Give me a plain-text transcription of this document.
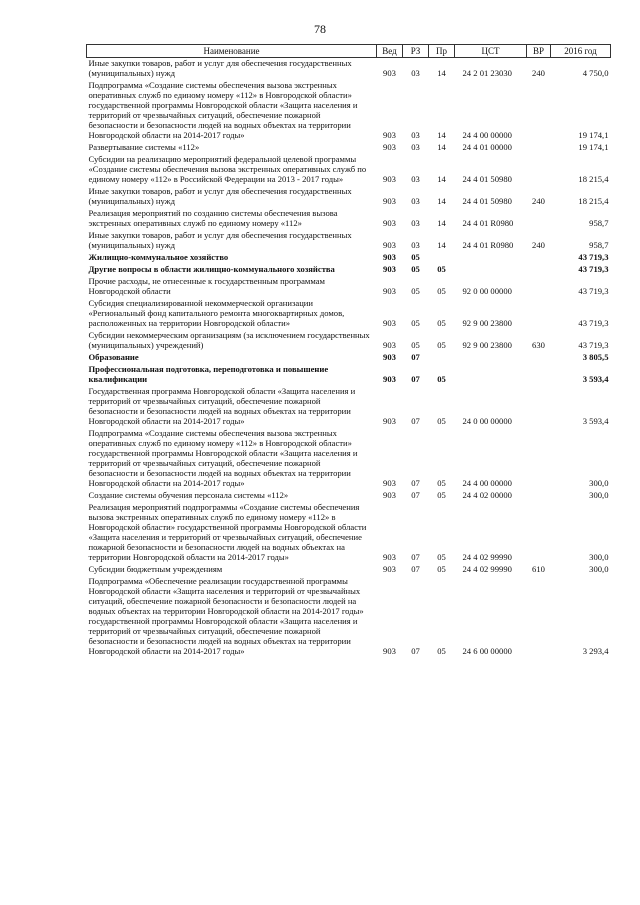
78
Наименование	Вед	РЗ	Пр	ЦСТ	ВР	2016 год
Иные закупки товаров, работ и услуг для обеспечения государственных (муниципальных) нужд	903	03	14	24 2 01 23030	240	4 750,0
Подпрограмма «Создание системы обеспечения вызова экстренных оперативных служб по единому номеру «112» в Новгородской области» государственной программы Новгородской области «Защита населения и территорий от чрезвычайных ситуаций, обеспечение пожарной безопасности и безопасности людей на водных объектах на территории Новгородской области на 2014-2017 годы»	903	03	14	24 4 00 00000		19 174,1
Развертывание системы «112»	903	03	14	24 4 01 00000		19 174,1
Субсидии на реализацию мероприятий федеральной целевой программы «Создание системы обеспечения вызова экстренных оперативных служб по единому номеру «112» в Российской Федерации на 2013 - 2017 годы»	903	03	14	24 4 01 50980		18 215,4
Иные закупки товаров, работ и услуг для обеспечения государственных (муниципальных) нужд	903	03	14	24 4 01 50980	240	18 215,4
Реализация мероприятий по созданию системы обеспечения вызова экстренных оперативных служб по единому номеру «112»	903	03	14	24 4 01 R0980		958,7
Иные закупки товаров, работ и услуг для обеспечения государственных (муниципальных) нужд	903	03	14	24 4 01 R0980	240	958,7
Жилищно-коммунальное хозяйство	903	05				43 719,3
Другие вопросы в области жилищно-коммунального хозяйства	903	05	05			43 719,3
Прочие расходы, не отнесенные к государственным программам Новгородской области	903	05	05	92 0 00 00000		43 719,3
Субсидия специализированной некоммерческой организации «Региональный фонд капитального ремонта многоквартирных домов, расположенных на территории Новгородской области»	903	05	05	92 9 00 23800		43 719,3
Субсидии некоммерческим организациям (за исключением государственных (муниципальных) учреждений)	903	05	05	92 9 00 23800	630	43 719,3
Образование	903	07				3 805,5
Профессиональная подготовка, переподготовка и повышение квалификации	903	07	05			3 593,4
Государственная программа Новгородской области «Защита населения и территорий от чрезвычайных ситуаций, обеспечение пожарной безопасности и безопасности людей на водных объектах на территории Новгородской области на 2014-2017 годы»	903	07	05	24 0 00 00000		3 593,4
Подпрограмма «Создание системы обеспечения вызова экстренных оперативных служб по единому номеру «112» в Новгородской области» государственной программы Новгородской области «Защита населения и территорий от чрезвычайных ситуаций, обеспечение пожарной безопасности и безопасности людей на водных объектах на территории Новгородской области на 2014-2017 годы»	903	07	05	24 4 00 00000		300,0
Создание системы обучения персонала системы «112»	903	07	05	24 4 02 00000		300,0
Реализация мероприятий подпрограммы «Создание системы обеспечения вызова экстренных оперативных служб по единому номеру «112» в Новгородской области» государственной программы Новгородской области «Защита населения и территорий от чрезвычайных ситуаций, обеспечение пожарной безопасности и безопасности людей на водных объектах на территории Новгородской области на 2014-2017 годы»	903	07	05	24 4 02 99990		300,0
Субсидии бюджетным учреждениям	903	07	05	24 4 02 99990	610	300,0
Подпрограмма «Обеспечение реализации государственной программы Новгородской области «Защита населения и территорий от чрезвычайных ситуаций, обеспечение пожарной безопасности и безопасности людей на водных объектах на территории Новгородской области на 2014-2017 годы» государственной программы Новгородской области «Защита населения и территорий от чрезвычайных ситуаций, обеспечение пожарной безопасности и безопасности людей на водных объектах на территории Новгородской области на 2014-2017 годы»	903	07	05	24 6 00 00000		3 293,4
